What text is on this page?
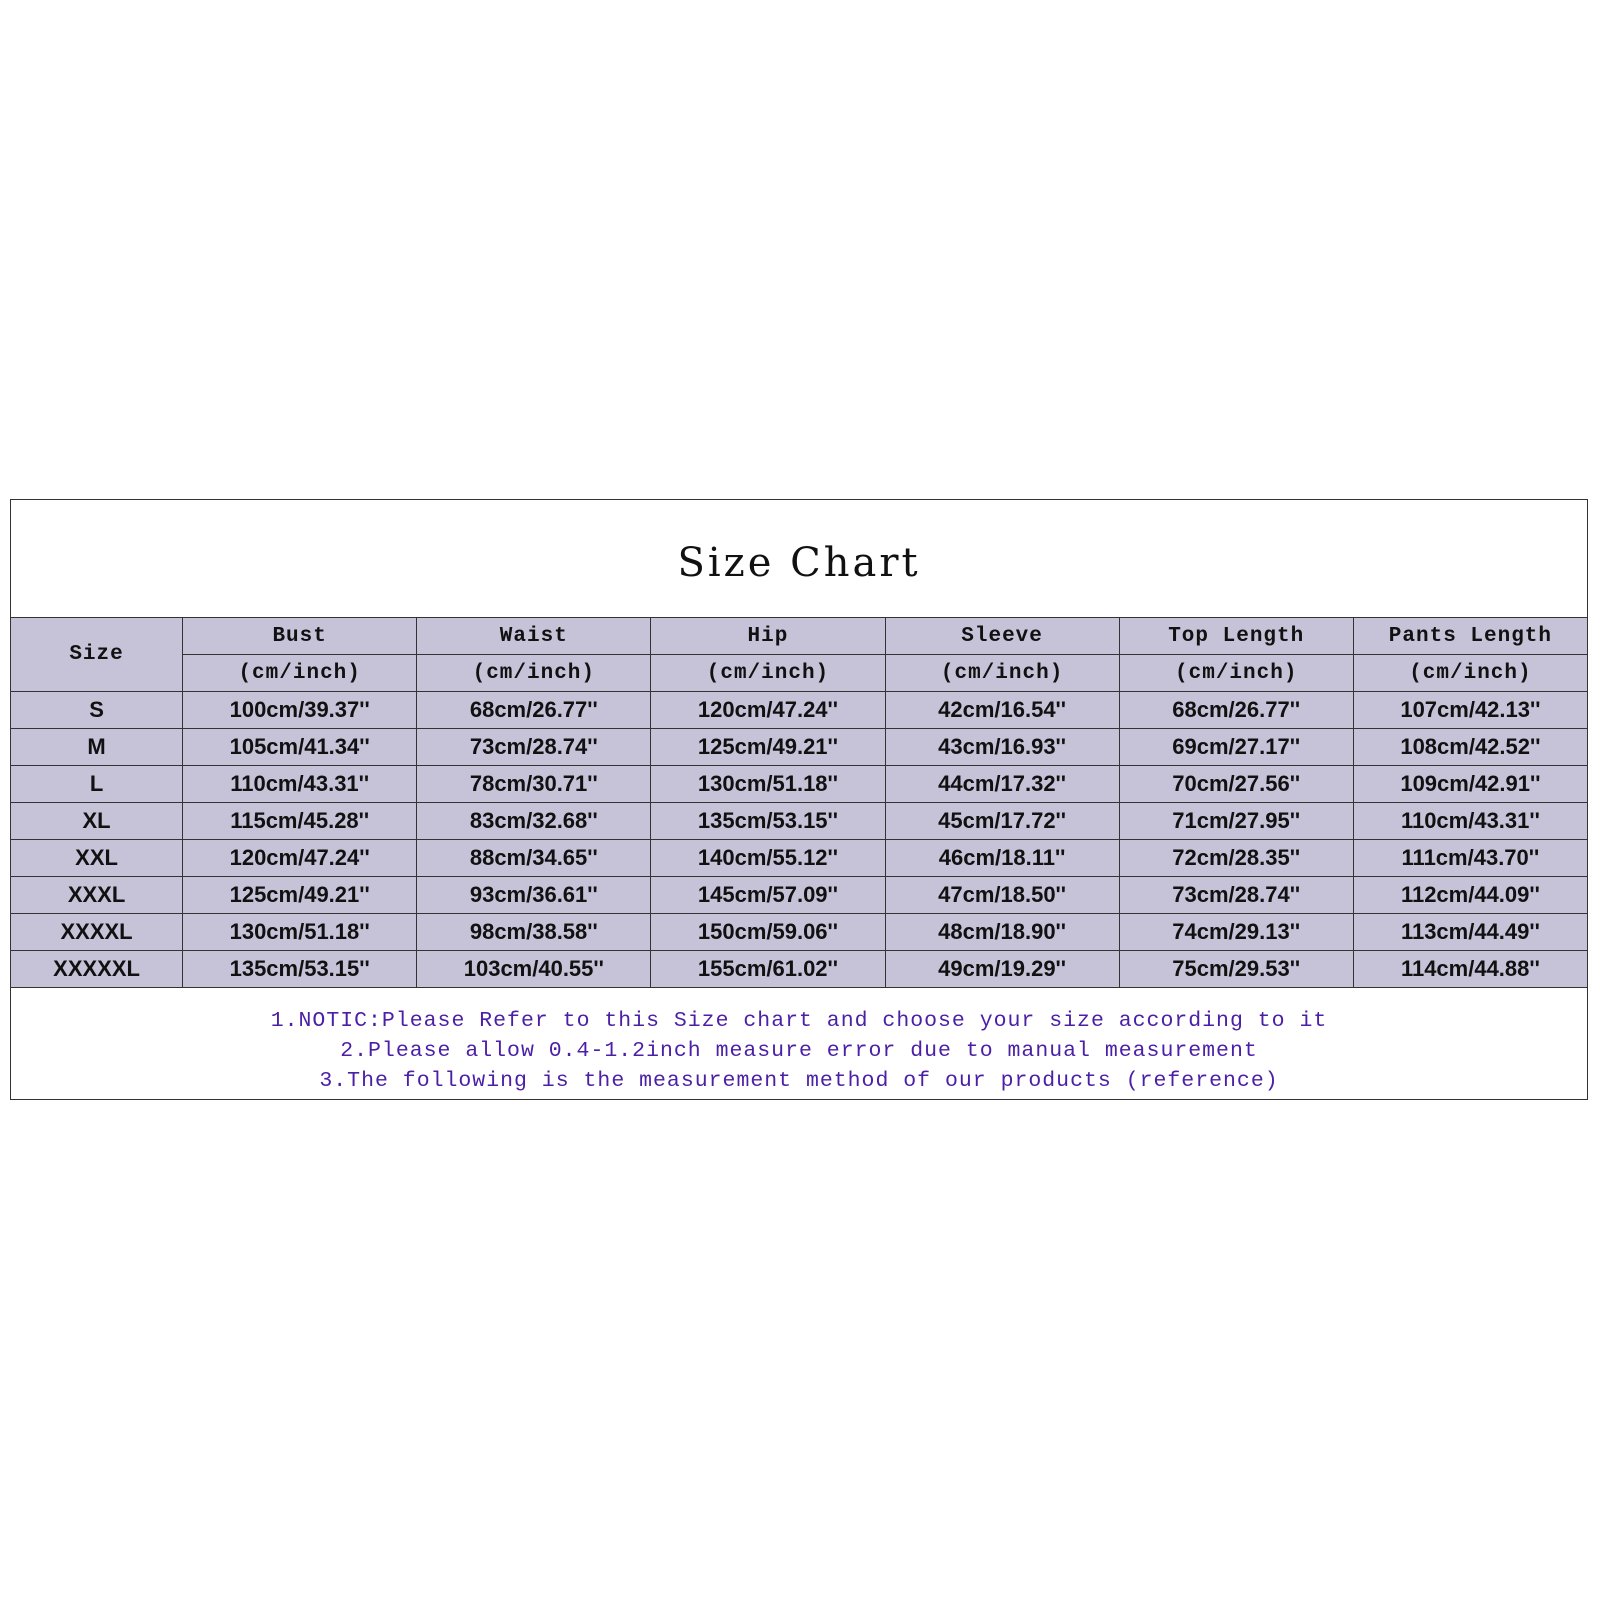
Size Chart
Size	Bust	Waist	Hip	Sleeve	Top Length	Pants Length
	(cm/inch)	(cm/inch)	(cm/inch)	(cm/inch)	(cm/inch)	(cm/inch)
S	100cm/39.37''	68cm/26.77''	120cm/47.24''	42cm/16.54''	68cm/26.77''	107cm/42.13''
M	105cm/41.34''	73cm/28.74''	125cm/49.21''	43cm/16.93''	69cm/27.17''	108cm/42.52''
L	110cm/43.31''	78cm/30.71''	130cm/51.18''	44cm/17.32''	70cm/27.56''	109cm/42.91''
XL	115cm/45.28''	83cm/32.68''	135cm/53.15''	45cm/17.72''	71cm/27.95''	110cm/43.31''
XXL	120cm/47.24''	88cm/34.65''	140cm/55.12''	46cm/18.11''	72cm/28.35''	111cm/43.70''
XXXL	125cm/49.21''	93cm/36.61''	145cm/57.09''	47cm/18.50''	73cm/28.74''	112cm/44.09''
XXXXL	130cm/51.18''	98cm/38.58''	150cm/59.06''	48cm/18.90''	74cm/29.13''	113cm/44.49''
XXXXXL	135cm/53.15''	103cm/40.55''	155cm/61.02''	49cm/19.29''	75cm/29.53''	114cm/44.88''
1.NOTIC:Please Refer to this Size chart and choose your size according to it
2.Please allow 0.4-1.2inch measure error due to manual measurement
3.The following is the measurement method of our products (reference)
